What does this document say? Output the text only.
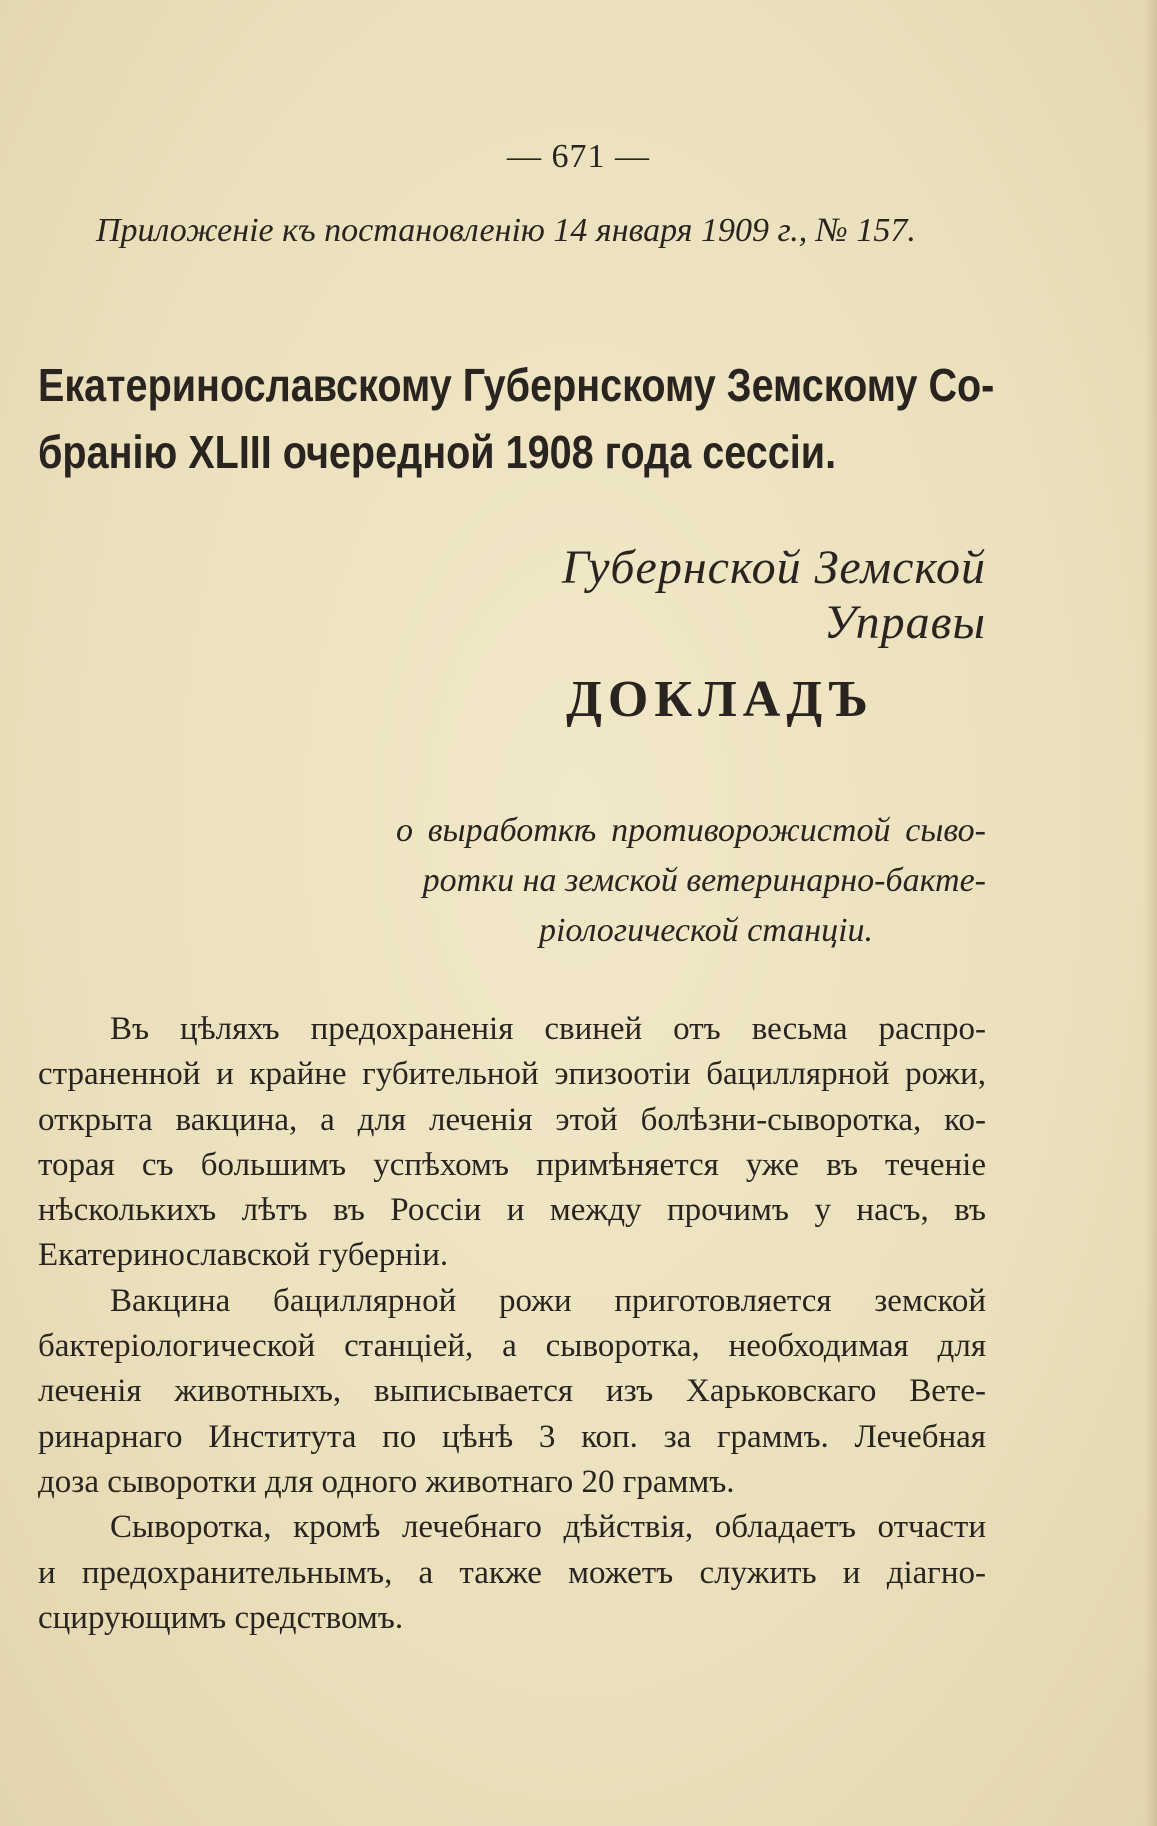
— 671 —
Приложеніе къ постановленію 14 января 1909 г., № 157.
Екатеринославскому Губернскому Земскому Со-
бранію XLIII очередной 1908 года сессіи.
Губернской Земской Управы
ДОКЛАДЪ
о выработкѣ противорожистой сыво-
ротки на земской ветеринарно-бакте-
ріологической станціи.
Въ цѣляхъ предохраненія свиней отъ весьма распро-
страненной и крайне губительной эпизоотіи бациллярной рожи,
открыта вакцина, а для леченія этой болѣзни-сыворотка, ко-
торая съ большимъ успѣхомъ примѣняется уже въ теченіе
нѣсколькихъ лѣтъ въ Россіи и между прочимъ у насъ, въ
Екатеринославской губерніи.
Вакцина бациллярной рожи приготовляется земской
бактеріологической станціей, а сыворотка, необходимая для
леченія животныхъ, выписывается изъ Харьковскаго Вете-
ринарнаго Института по цѣнѣ 3 коп. за граммъ. Лечебная
доза сыворотки для одного животнаго 20 граммъ.
Сыворотка, кромѣ лечебнаго дѣйствія, обладаетъ отчасти
и предохранительнымъ, а также можетъ служить и діагно-
сцирующимъ средствомъ.
